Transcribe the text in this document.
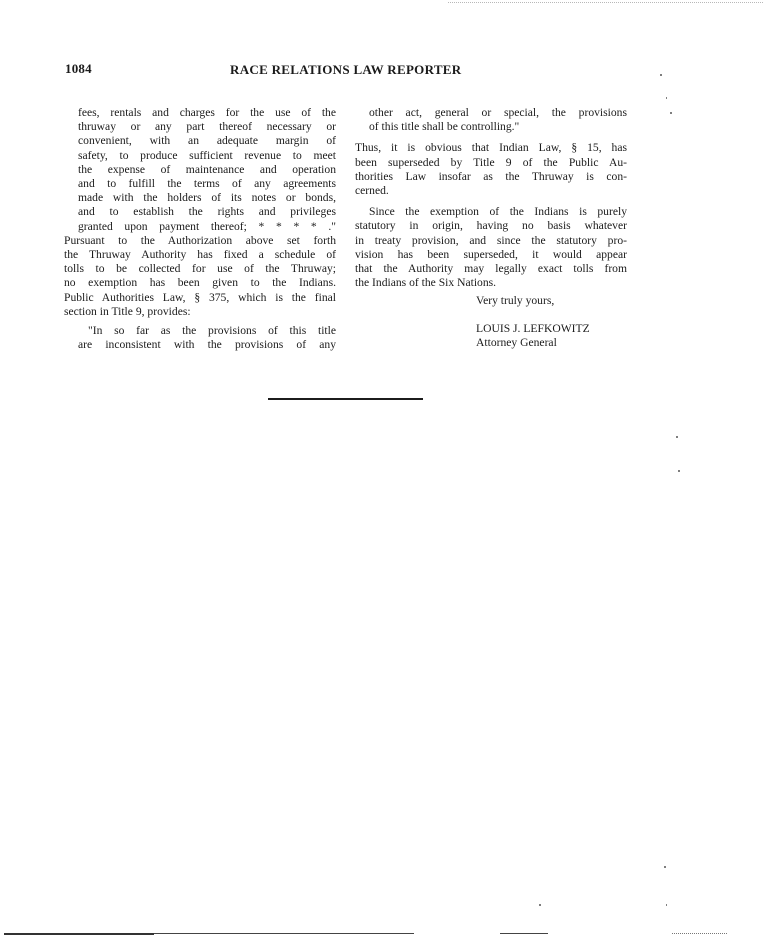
1084	RACE RELATIONS LAW REPORTER

fees, rentals and charges for the use of the
thruway or any part thereof necessary or
convenient, with an adequate margin of
safety, to produce sufficient revenue to meet
the expense of maintenance and operation
and to fulfill the terms of any agreements
made with the holders of its notes or bonds,
and to establish the rights and privileges
granted upon payment thereof; * * * * ."

Pursuant to the Authorization above set forth
the Thruway Authority has fixed a schedule of
tolls to be collected for use of the Thruway;
no exemption has been given to the Indians.
Public Authorities Law, § 375, which is the final
section in Title 9, provides:

"In so far as the provisions of this title
are inconsistent with the provisions of any

other act, general or special, the provisions
of this title shall be controlling."

Thus, it is obvious that Indian Law, § 15, has
been superseded by Title 9 of the Public Au-
thorities Law insofar as the Thruway is con-
cerned.

Since the exemption of the Indians is purely
statutory in origin, having no basis whatever
in treaty provision, and since the statutory pro-
vision has been superseded, it would appear
that the Authority may legally exact tolls from
the Indians of the Six Nations.

Very truly yours,
LOUIS J. LEFKOWITZ
Attorney General
